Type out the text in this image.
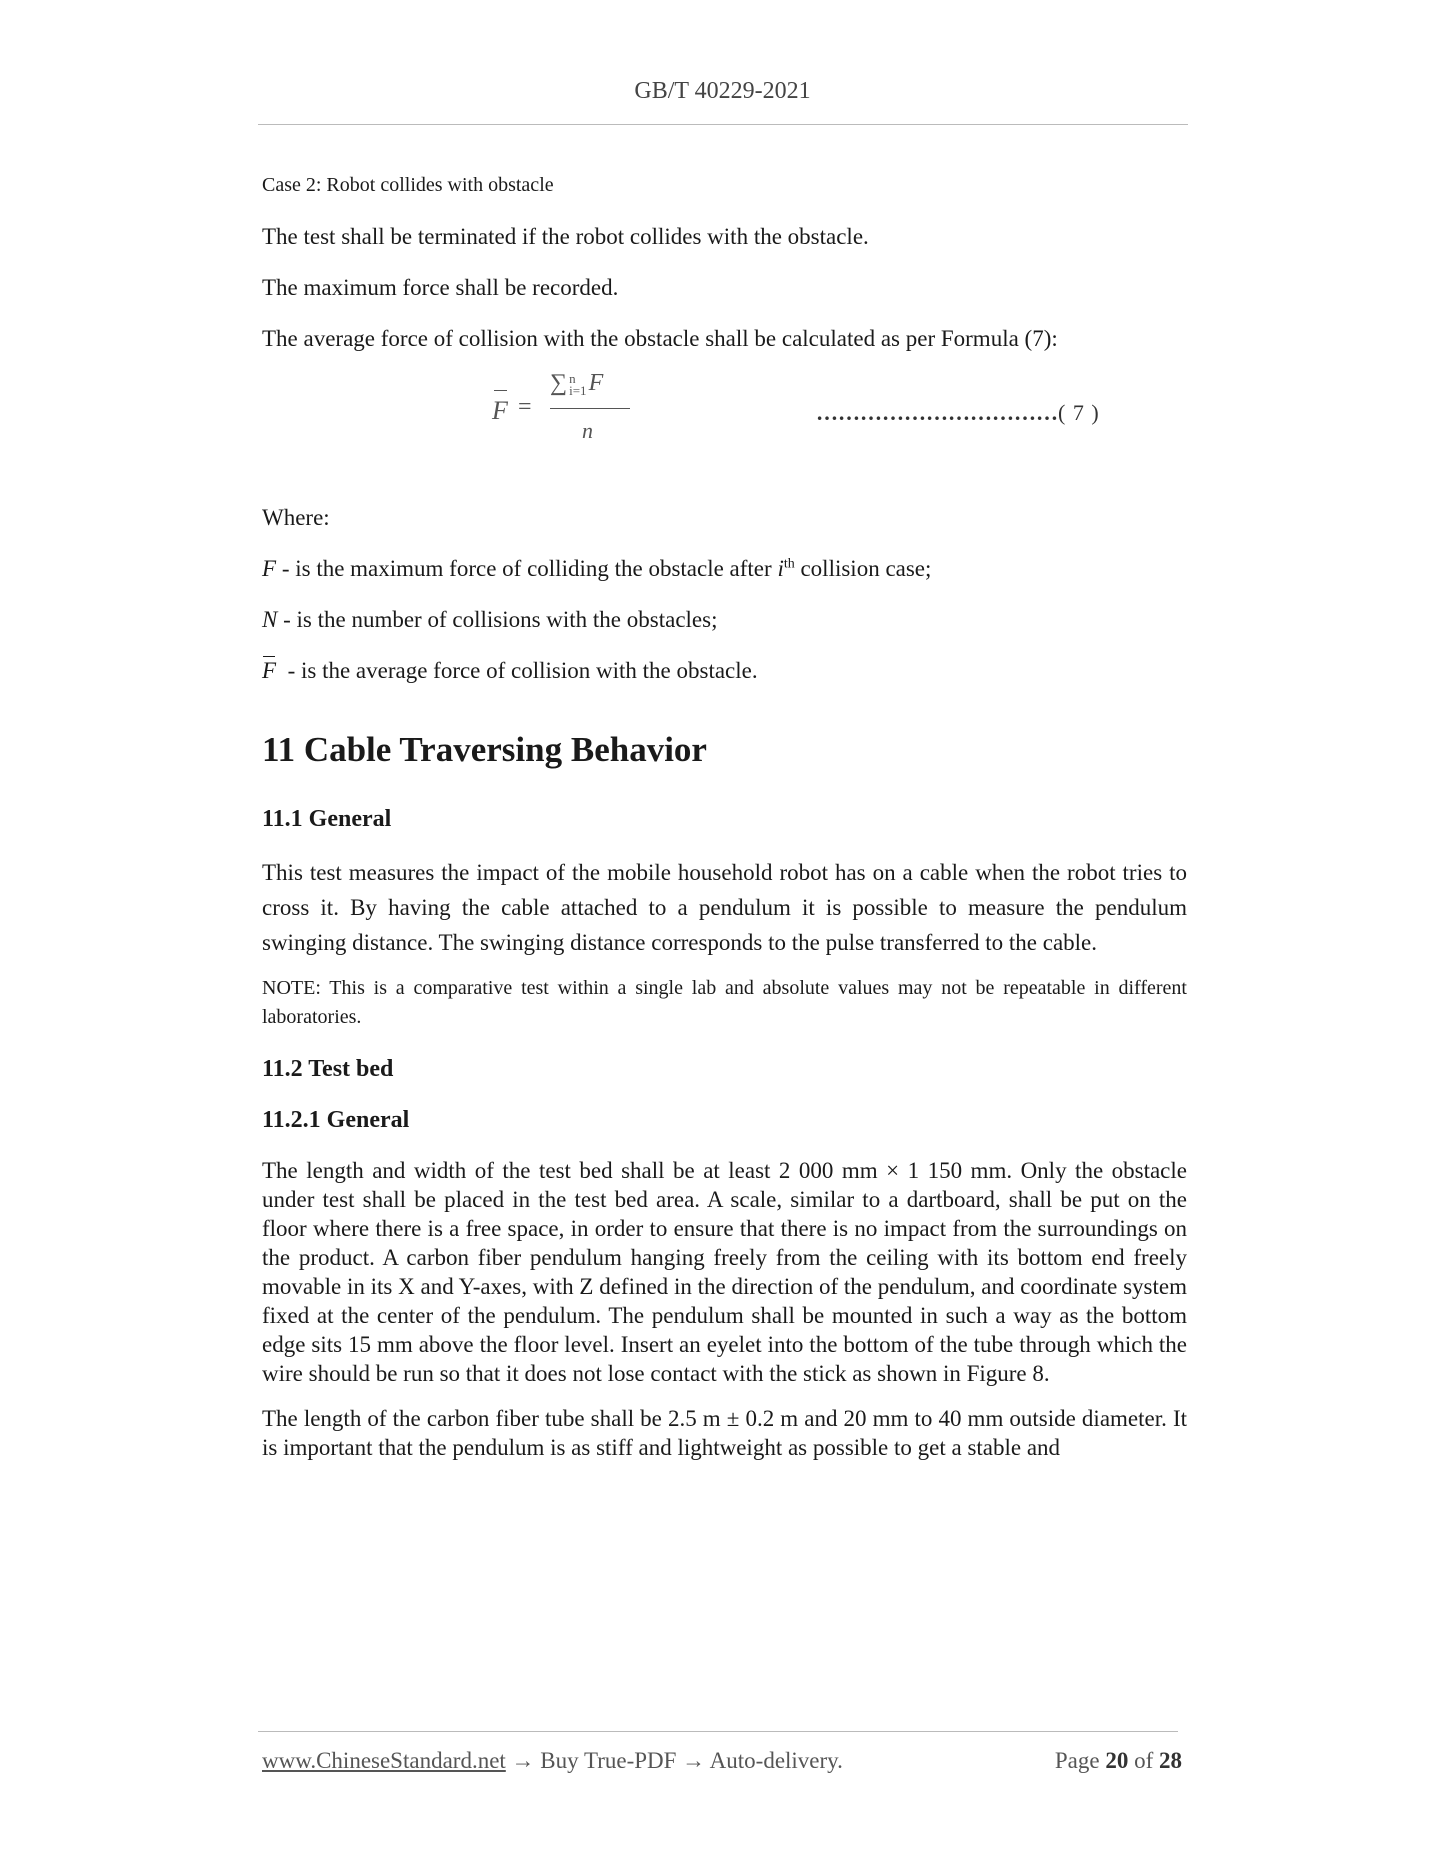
GB/T 40229-2021

Case 2: Robot collides with obstacle

The test shall be terminated if the robot collides with the obstacle.

The maximum force shall be recorded.

The average force of collision with the obstacle shall be calculated as per Formula (7):

F =
∑ n
i=1F
n
……………………………( 7 )

Where:

F - is the maximum force of colliding the obstacle after $i^{th}$ collision case;

N - is the number of collisions with the obstacles;

F  - is the average force of collision with the obstacle.

11 Cable Traversing Behavior
11.1 General

This test measures the impact of the mobile household robot has on a cable when the robot tries to cross it. By having the cable attached to a pendulum it is possible to measure the pendulum swinging distance. The swinging distance corresponds to the pulse transferred to the cable.

NOTE: This is a comparative test within a single lab and absolute values may not be repeatable in different laboratories.

11.2 Test bed
11.2.1 General

The length and width of the test bed shall be at least 2 000 mm × 1 150 mm. Only the obstacle under test shall be placed in the test bed area. A scale, similar to a dartboard, shall be put on the floor where there is a free space, in order to ensure that there is no impact from the surroundings on the product. A carbon fiber pendulum hanging freely from the ceiling with its bottom end freely movable in its X and Y-axes, with Z defined in the direction of the pendulum, and coordinate system fixed at the center of the pendulum. The pendulum shall be mounted in such a way as the bottom edge sits 15 mm above the floor level. Insert an eyelet into the bottom of the tube through which the wire should be run so that it does not lose contact with the stick as shown in Figure 8.

The length of the carbon fiber tube shall be 2.5 m ± 0.2 m and 20 mm to 40 mm outside diameter. It is important that the pendulum is as stiff and lightweight as possible to get a stable and

www.ChineseStandard.net → Buy True-PDF → Auto-delivery.	Page 20 of 28
